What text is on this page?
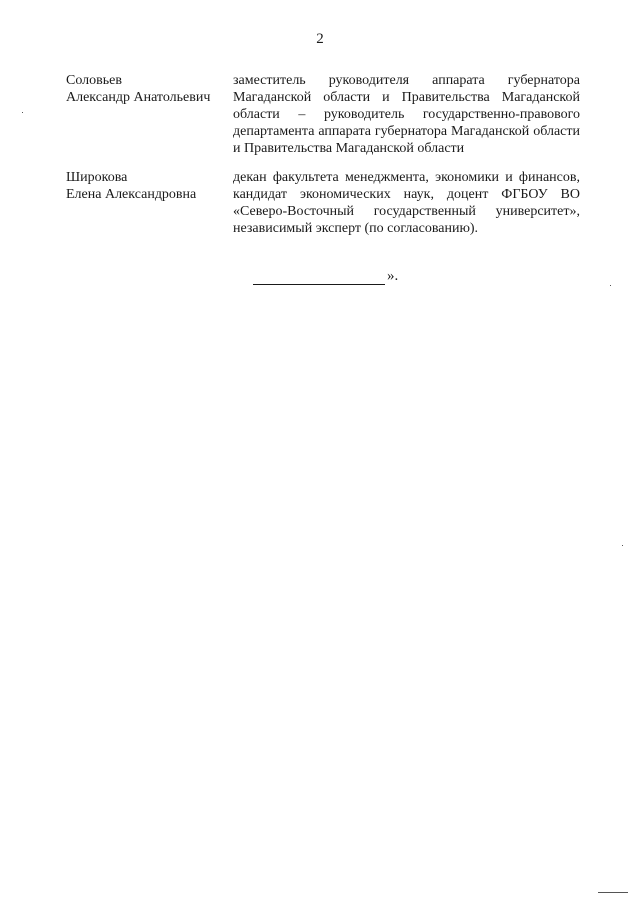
2
Соловьев
Александр Анатольевич
заместитель руководителя аппарата губернатора
Магаданской области и Правительства Магаданской
области – руководитель государственно-правового
департамента аппарата губернатора Магаданской области
и Правительства Магаданской области
Широкова
Елена Александровна
декан факультета менеджмента, экономики и финансов,
кандидат экономических наук, доцент ФГБОУ ВО
«Северо-Восточный государственный университет»,
независимый эксперт (по согласованию).
».
